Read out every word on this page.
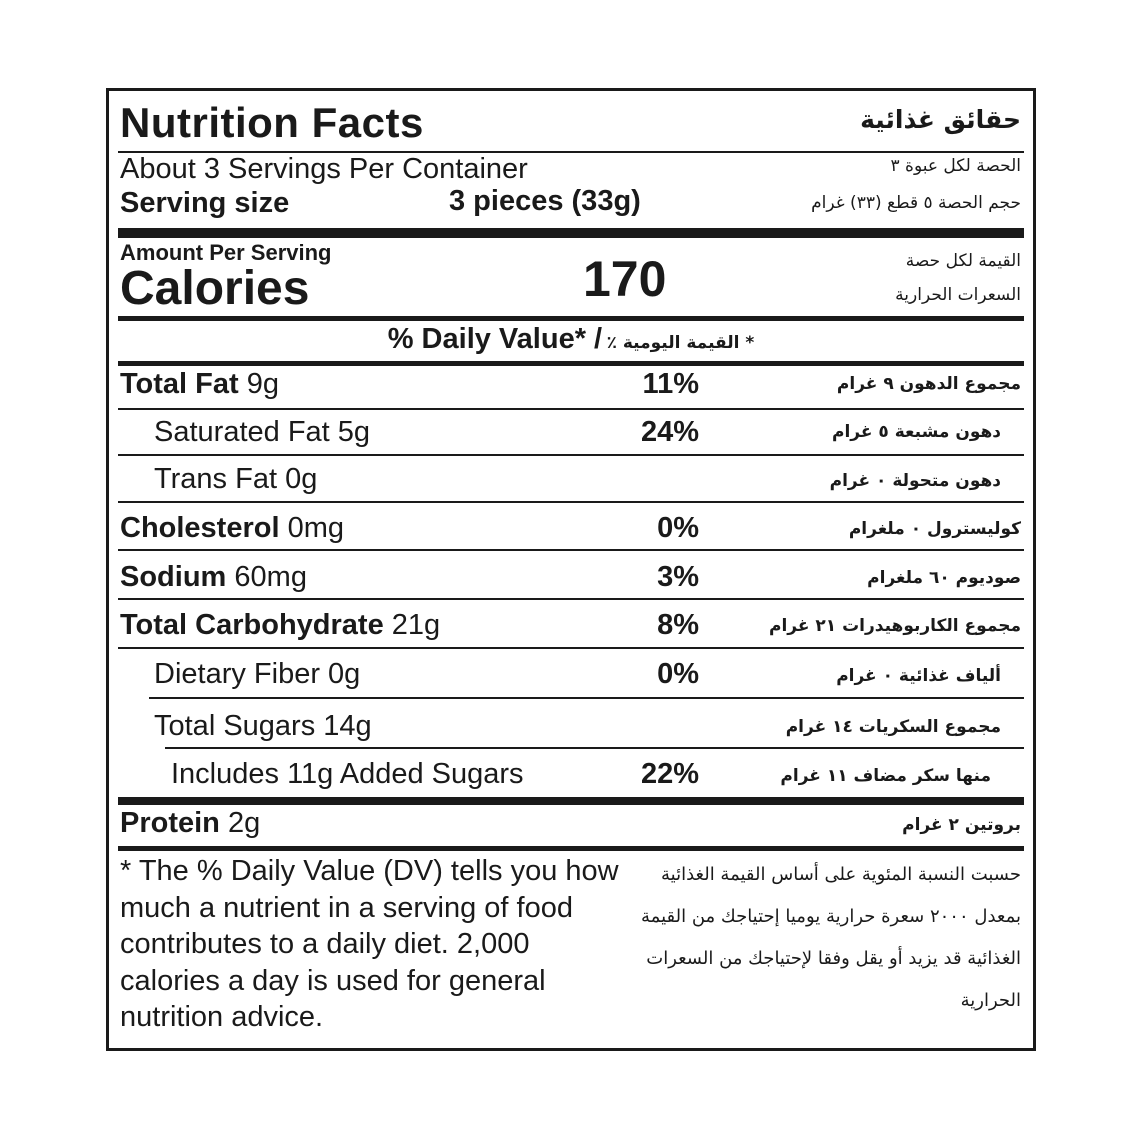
Nutrition Facts	حقائق غذائية
About 3 Servings Per Container	الحصة لكل عبوة ٣
Serving size	3 pieces (33g)	حجم الحصة ٥ قطع (٣٣) غرام
Amount Per Serving
Calories	170	القيمة لكل حصة
السعرات الحرارية
% Daily Value* / * القيمة اليومية ٪
Total Fat 9g	11%	مجموع الدهون ٩ غرام
Saturated Fat 5g	24%	دهون مشبعة ٥ غرام
Trans Fat 0g	دهون متحولة ٠ غرام
Cholesterol 0mg	0%	كوليسترول ٠ ملغرام
Sodium 60mg	3%	صوديوم ٦٠ ملغرام
Total Carbohydrate 21g	8%	مجموع الكاربوهيدرات ٢١ غرام
Dietary Fiber 0g	0%	ألياف غذائية ٠ غرام
Total Sugars 14g	مجموع السكريات ١٤ غرام
Includes 11g Added Sugars	22%	منها سكر مضاف ١١ غرام
Protein 2g	بروتين ٢ غرام
* The % Daily Value (DV) tells you how much a nutrient in a serving of food contributes to a daily diet. 2,000 calories a day is used for general nutrition advice.
حسبت النسبة المئوية على أساس القيمة الغذائية بمعدل ٢٠٠٠ سعرة حرارية يوميا إحتياجك من القيمة الغذائية قد يزيد أو يقل وفقا لإحتياجك من السعرات الحرارية
